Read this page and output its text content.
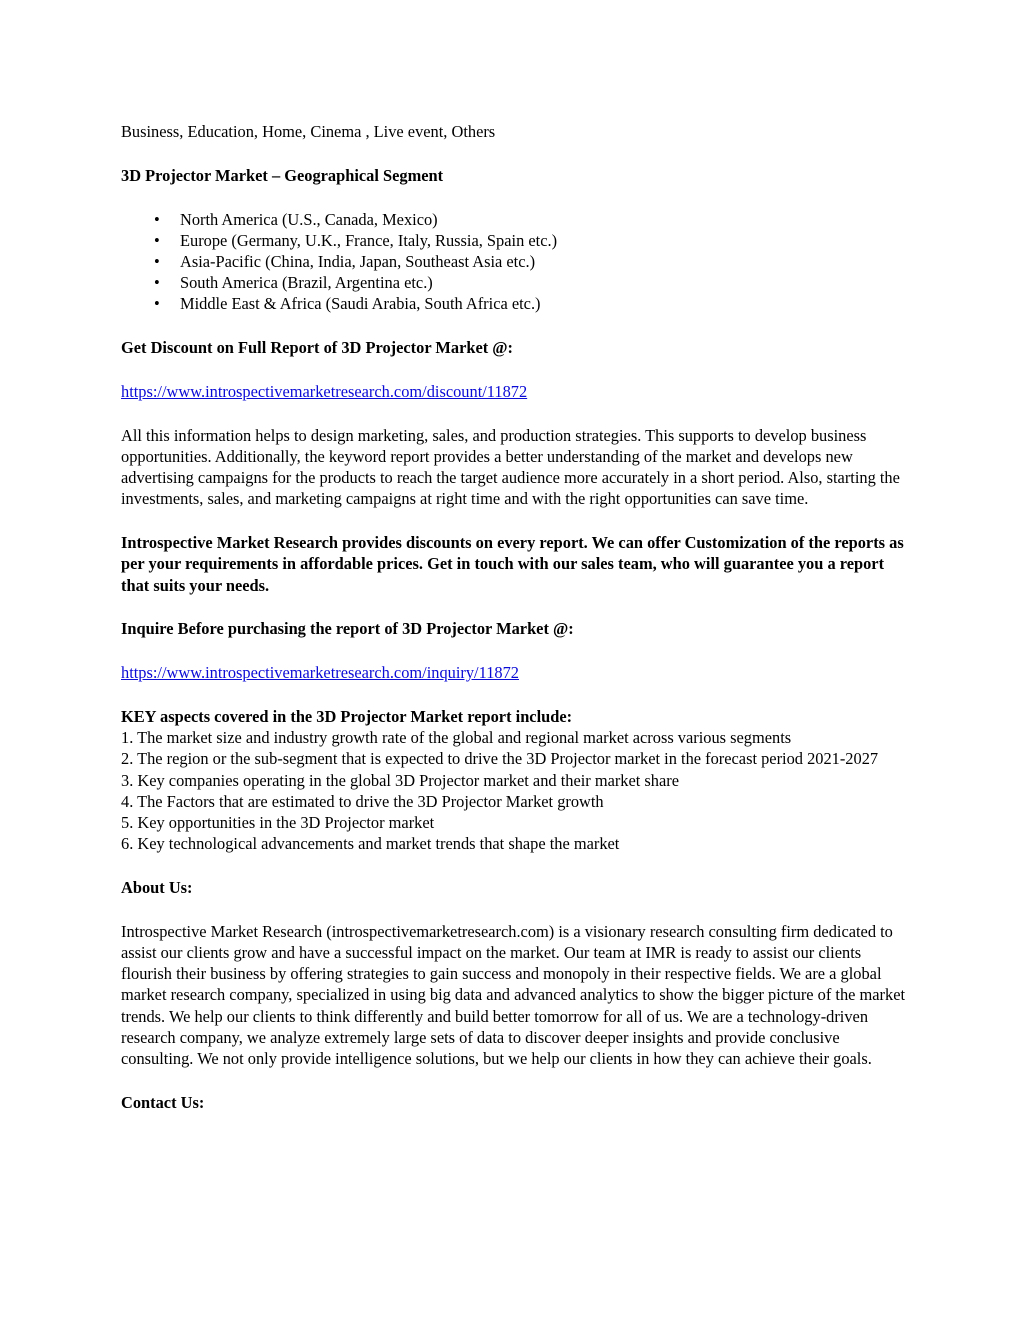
Business, Education, Home, Cinema , Live event, Others

3D Projector Market – Geographical Segment

• North America (U.S., Canada, Mexico)
• Europe (Germany, U.K., France, Italy, Russia, Spain etc.)
• Asia-Pacific (China, India, Japan, Southeast Asia etc.)
• South America (Brazil, Argentina etc.)
• Middle East & Africa (Saudi Arabia, South Africa etc.)

Get Discount on Full Report of 3D Projector Market @:

https://www.introspectivemarketresearch.com/discount/11872

All this information helps to design marketing, sales, and production strategies. This supports to develop business opportunities. Additionally, the keyword report provides a better understanding of the market and develops new advertising campaigns for the products to reach the target audience more accurately in a short period. Also, starting the investments, sales, and marketing campaigns at right time and with the right opportunities can save time.

Introspective Market Research provides discounts on every report. We can offer Customization of the reports as per your requirements in affordable prices. Get in touch with our sales team, who will guarantee you a report that suits your needs.

Inquire Before purchasing the report of 3D Projector Market @:

https://www.introspectivemarketresearch.com/inquiry/11872

KEY aspects covered in the 3D Projector Market report include:

1. The market size and industry growth rate of the global and regional market across various segments

2. The region or the sub-segment that is expected to drive the 3D Projector market in the forecast period 2021-2027

3. Key companies operating in the global 3D Projector market and their market share

4. The Factors that are estimated to drive the 3D Projector Market growth

5. Key opportunities in the 3D Projector market

6. Key technological advancements and market trends that shape the market

About Us:

Introspective Market Research (introspectivemarketresearch.com) is a visionary research consulting firm dedicated to assist our clients grow and have a successful impact on the market. Our team at IMR is ready to assist our clients flourish their business by offering strategies to gain success and monopoly in their respective fields. We are a global market research company, specialized in using big data and advanced analytics to show the bigger picture of the market trends. We help our clients to think differently and build better tomorrow for all of us. We are a technology-driven research company, we analyze extremely large sets of data to discover deeper insights and provide conclusive consulting. We not only provide intelligence solutions, but we help our clients in how they can achieve their goals.

Contact Us:
